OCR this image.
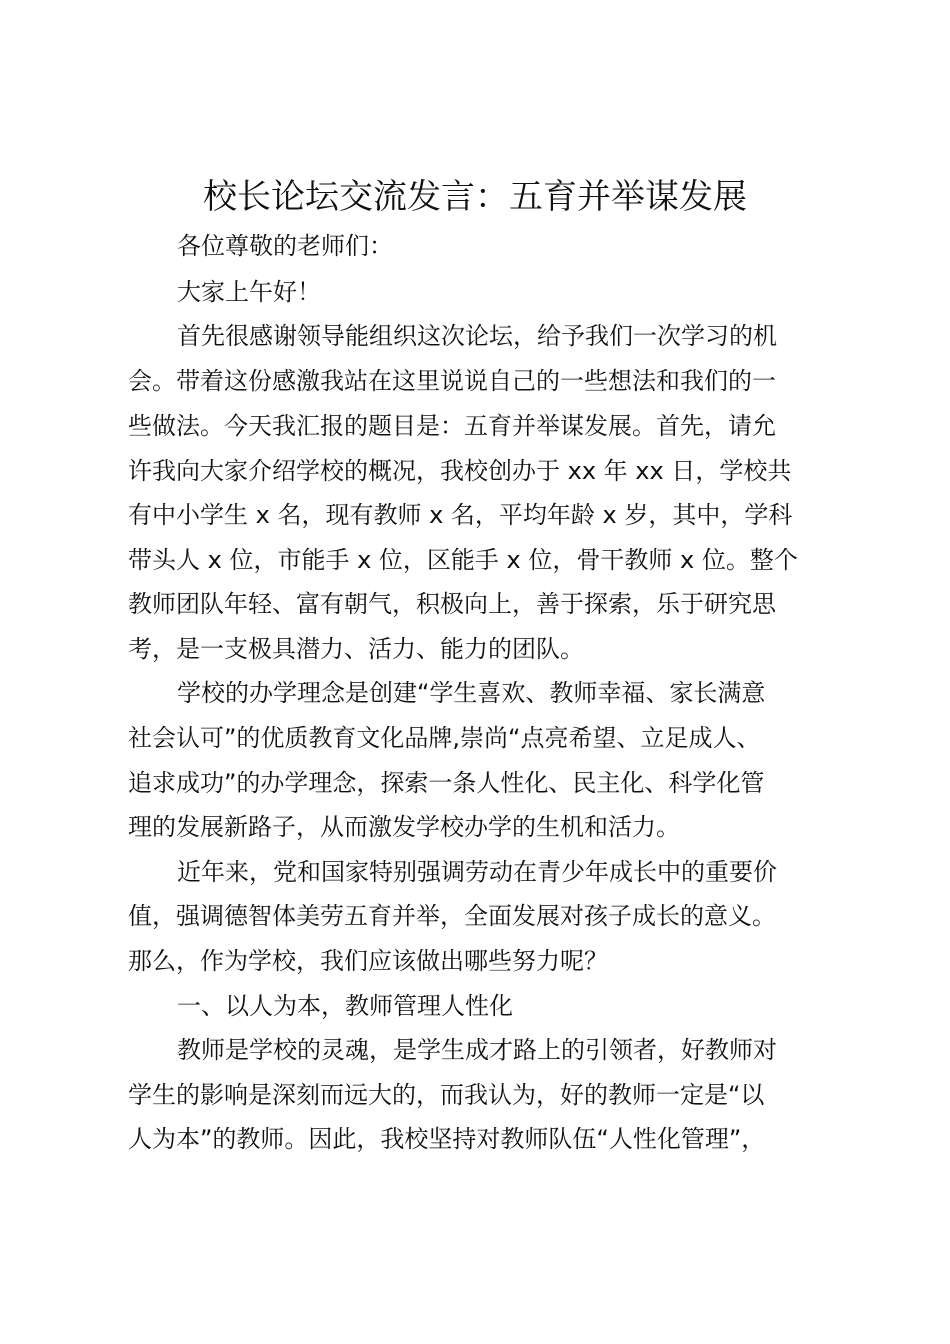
校长论坛交流发言：五育并举谋发展

各位尊敬的老师们：

大家上午好！

首先很感谢领导能组织这次论坛，给予我们一次学习的机

会。带着这份感激我站在这里说说自己的一些想法和我们的一

些做法。今天我汇报的题目是：五育并举谋发展。首先，请允

许我向大家介绍学校的概况，我校创办于 xx 年 xx 日，学校共

有中小学生 x 名，现有教师 x 名，平均年龄 x 岁，其中，学科

带头人 x 位，市能手 x 位，区能手 x 位，骨干教师 x 位。整个

教师团队年轻、富有朝气，积极向上，善于探索，乐于研究思

考，是一支极具潜力、活力、能力的团队。

学校的办学理念是创建“学生喜欢、教师幸福、家长满意

社会认可”的优质教育文化品牌,崇尚“点亮希望、立足成人、

追求成功”的办学理念，探索一条人性化、民主化、科学化管

理的发展新路子，从而激发学校办学的生机和活力。

近年来，党和国家特别强调劳动在青少年成长中的重要价

值，强调德智体美劳五育并举，全面发展对孩子成长的意义。

那么，作为学校，我们应该做出哪些努力呢？

一、以人为本，教师管理人性化

教师是学校的灵魂，是学生成才路上的引领者，好教师对

学生的影响是深刻而远大的，而我认为，好的教师一定是“以

人为本”的教师。因此，我校坚持对教师队伍“人性化管理”，
